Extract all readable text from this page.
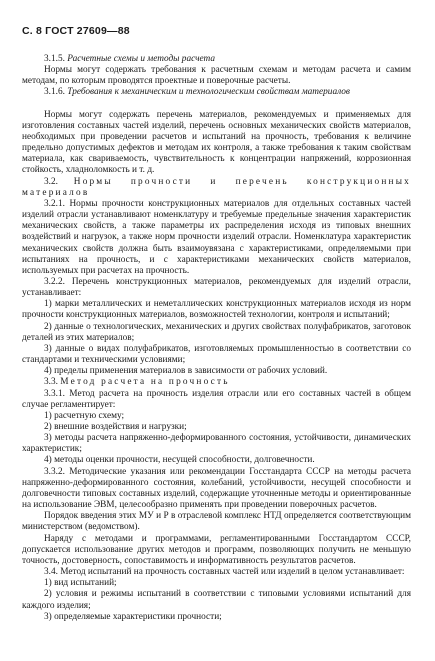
С. 8 ГОСТ 27609—88

3.1.5. Расчетные схемы и методы расчета

Нормы могут содержать требования к расчетным схемам и методам расчета и самим методам, по которым проводятся проектные и поверочные расчеты.

3.1.6. Требования к механическим и технологическим свойствам материалов

Нормы могут содержать перечень материалов, рекомендуемых и применяемых для изготовления составных частей изделий, перечень основных механических свойств материалов, необходимых при проведении расчетов и испытаний на прочность, требования к величине предельно допустимых дефектов и методам их контроля, а также требования к таким свойствам материала, как свариваемость, чувствительность к концентрации напряжений, коррозионная стойкость, хладноломкость и т. д.

3.2. Нормы прочности и перечень конструкционных материалов

3.2.1. Нормы прочности конструкционных материалов для отдельных составных частей изделий отрасли устанавливают номенклатуру и требуемые предельные значения характеристик механических свойств, а также параметры их распределения исходя из типовых внешних воздействий и нагрузок, а также норм прочности изделий отрасли. Номенклатура характеристик механических свойств должна быть взаимоувязана с характеристиками, определяемыми при испытаниях на прочность, и с характеристиками механических свойств материалов, используемых при расчетах на прочность.

3.2.2. Перечень конструкционных материалов, рекомендуемых для изделий отрасли, устанавливает:

1) марки металлических и неметаллических конструкционных материалов исходя из норм прочности конструкционных материалов, возможностей технологии, контроля и испытаний;

2) данные о технологических, механических и других свойствах полуфабрикатов, заготовок деталей из этих материалов;

3) данные о видах полуфабрикатов, изготовляемых промышленностью в соответствии со стандартами и техническими условиями;

4) пределы применения материалов в зависимости от рабочих условий.

3.3. Метод расчета на прочность

3.3.1. Метод расчета на прочность изделия отрасли или его составных частей в общем случае регламентирует:

1) расчетную схему;

2) внешние воздействия и нагрузки;

3) методы расчета напряженно-деформированного состояния, устойчивости, динамических характеристик;

4) методы оценки прочности, несущей способности, долговечности.

3.3.2. Методические указания или рекомендации Госстандарта СССР на методы расчета напряженно-деформированного состояния, колебаний, устойчивости, несущей способности и долговечности типовых составных изделий, содержащие уточненные методы и ориентированные на использование ЭВМ, целесообразно применять при проведении поверочных расчетов.

Порядок введения этих МУ и Р в отраслевой комплекс НТД определяется соответствующим министерством (ведомством).

Наряду с методами и программами, регламентированными Госстандартом СССР, допускается использование других методов и программ, позволяющих получить не меньшую точность, достоверность, сопоставимость и информативность результатов расчетов.

3.4. Метод испытаний на прочность составных частей или изделий в целом устанавливает:

1) вид испытаний;

2) условия и режимы испытаний в соответствии с типовыми условиями испытаний для каждого изделия;

3) определяемые характеристики прочности;
